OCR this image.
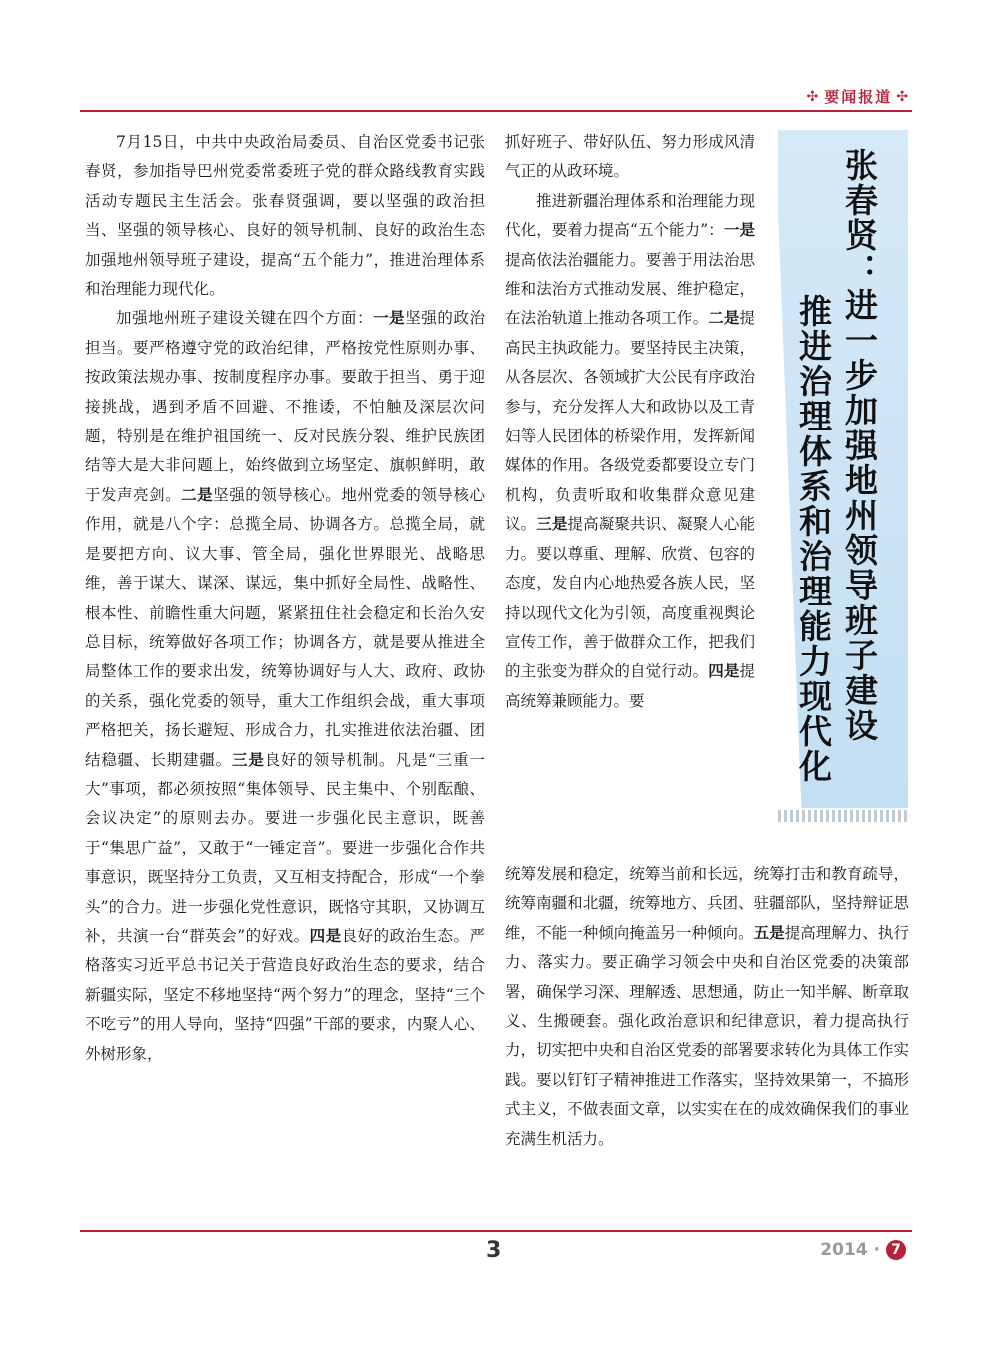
✣ 要闻报道 ✣

7月15日，中共中央政治局委员、自治区党委书记张春贤，参加指导巴州党委常委班子党的群众路线教育实践活动专题民主生活会。张春贤强调，要以坚强的政治担当、坚强的领导核心、良好的领导机制、良好的政治生态加强地州领导班子建设，提高“五个能力”，推进治理体系和治理能力现代化。

加强地州班子建设关键在四个方面：一是坚强的政治担当。要严格遵守党的政治纪律，严格按党性原则办事、按政策法规办事、按制度程序办事。要敢于担当、勇于迎接挑战，遇到矛盾不回避、不推诿，不怕触及深层次问题，特别是在维护祖国统一、反对民族分裂、维护民族团结等大是大非问题上，始终做到立场坚定、旗帜鲜明，敢于发声亮剑。二是坚强的领导核心。地州党委的领导核心作用，就是八个字：总揽全局、协调各方。总揽全局，就是要把方向、议大事、管全局，强化世界眼光、战略思维，善于谋大、谋深、谋远，集中抓好全局性、战略性、根本性、前瞻性重大问题，紧紧扭住社会稳定和长治久安总目标，统筹做好各项工作；协调各方，就是要从推进全局整体工作的要求出发，统筹协调好与人大、政府、政协的关系，强化党委的领导，重大工作组织会战，重大事项严格把关，扬长避短、形成合力，扎实推进依法治疆、团结稳疆、长期建疆。三是良好的领导机制。凡是“三重一大”事项，都必须按照“集体领导、民主集中、个别酝酿、会议决定”的原则去办。要进一步强化民主意识，既善于“集思广益”，又敢于“一锤定音”。要进一步强化合作共事意识，既坚持分工负责，又互相支持配合，形成“一个拳头”的合力。进一步强化党性意识，既恪守其职，又协调互补，共演一台“群英会”的好戏。四是良好的政治生态。严格落实习近平总书记关于营造良好政治生态的要求，结合新疆实际，坚定不移地坚持“两个努力”的理念，坚持“三个不吃亏”的用人导向，坚持“四强”干部的要求，内聚人心、外树形象，

抓好班子、带好队伍、努力形成风清气正的从政环境。

推进新疆治理体系和治理能力现代化，要着力提高“五个能力”：一是提高依法治疆能力。要善于用法治思维和法治方式推动发展、维护稳定，在法治轨道上推动各项工作。二是提高民主执政能力。要坚持民主决策，从各层次、各领域扩大公民有序政治参与，充分发挥人大和政协以及工青妇等人民团体的桥梁作用，发挥新闻媒体的作用。各级党委都要设立专门机构，负责听取和收集群众意见建议。三是提高凝聚共识、凝聚人心能力。要以尊重、理解、欣赏、包容的态度，发自内心地热爱各族人民，坚持以现代文化为引领，高度重视舆论宣传工作，善于做群众工作，把我们的主张变为群众的自觉行动。四是提高统筹兼顾能力。要	张春贤：进一步加强地州领导班子建设
推进治理体系和治理能力现代化

统筹发展和稳定，统筹当前和长远，统筹打击和教育疏导，统筹南疆和北疆，统筹地方、兵团、驻疆部队，坚持辩证思维，不能一种倾向掩盖另一种倾向。五是提高理解力、执行力、落实力。要正确学习领会中央和自治区党委的决策部署，确保学习深、理解透、思想通，防止一知半解、断章取义、生搬硬套。强化政治意识和纪律意识，着力提高执行力，切实把中央和自治区党委的部署要求转化为具体工作实践。要以钉钉子精神推进工作落实，坚持效果第一，不搞形式主义，不做表面文章，以实实在在的成效确保我们的事业充满生机活力。

3	2014 · 7
